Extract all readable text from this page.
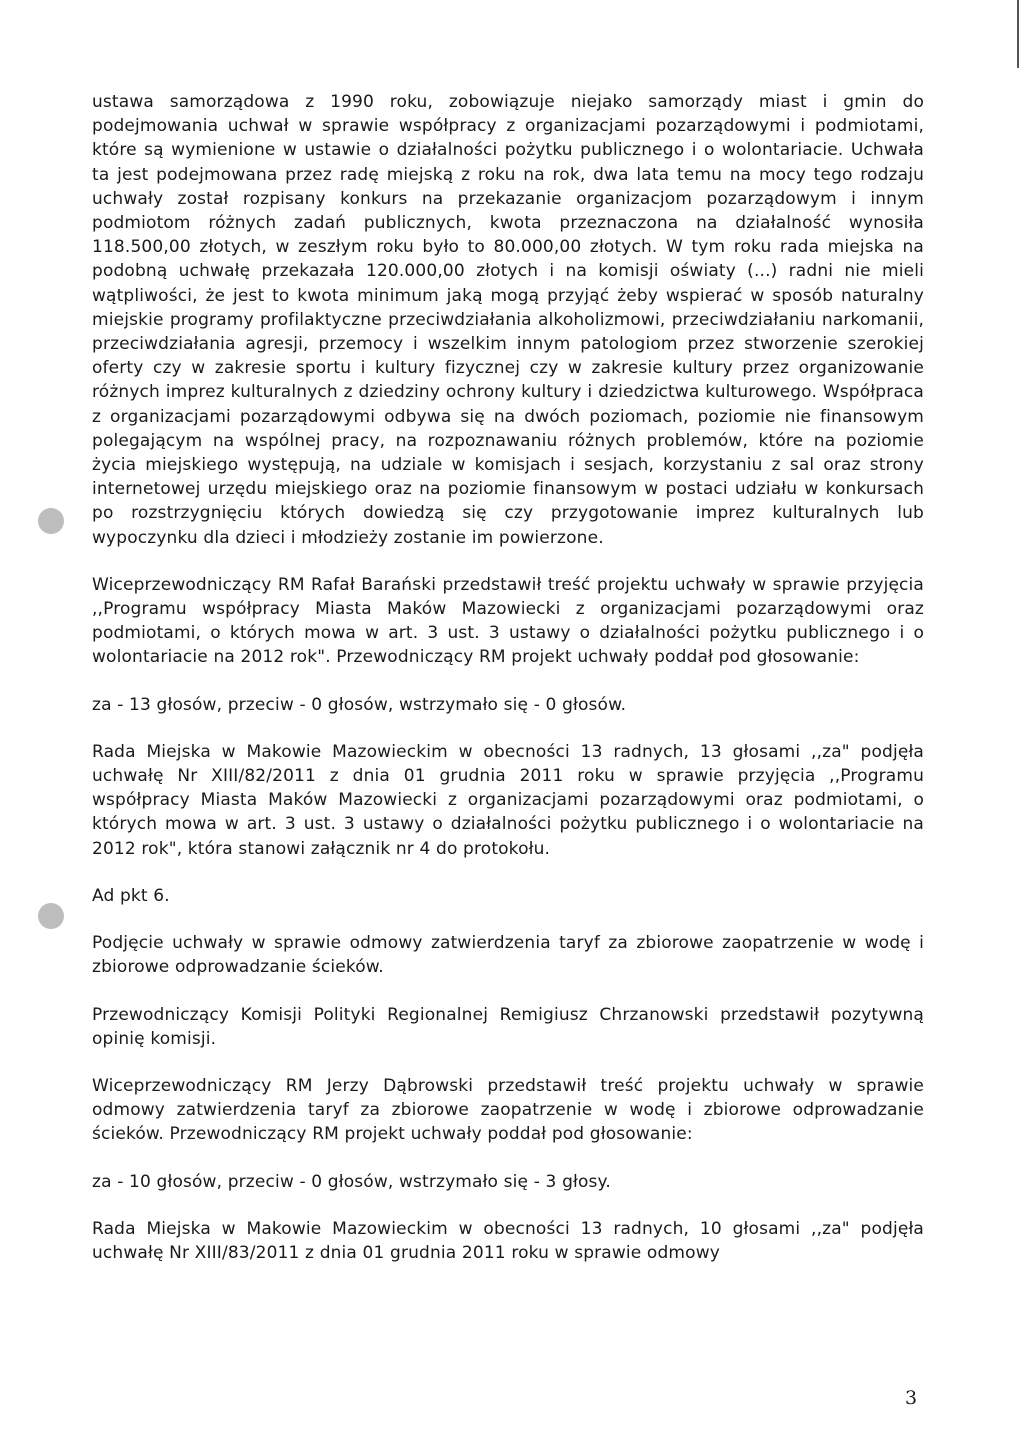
ustawa samorządowa z 1990 roku, zobowiązuje niejako samorządy miast i gmin do podejmowania uchwał w sprawie współpracy z organizacjami pozarządowymi i podmiotami, które są wymienione w ustawie o działalności pożytku publicznego i o wolontariacie. Uchwała ta jest podejmowana przez radę miejską z roku na rok, dwa lata temu na mocy tego rodzaju uchwały został rozpisany konkurs na przekazanie organizacjom pozarządowym i innym podmiotom różnych zadań publicznych, kwota przeznaczona na działalność wynosiła 118.500,00 złotych, w zeszłym roku było to 80.000,00 złotych. W tym roku rada miejska na podobną uchwałę przekazała 120.000,00 złotych i na komisji oświaty (...) radni nie mieli wątpliwości, że jest to kwota minimum jaką mogą przyjąć żeby wspierać w sposób naturalny miejskie programy profilaktyczne przeciwdziałania alkoholizmowi, przeciwdziałaniu narkomanii, przeciwdziałania agresji, przemocy i wszelkim innym patologiom przez stworzenie szerokiej oferty czy w zakresie sportu i kultury fizycznej czy w zakresie kultury przez organizowanie różnych imprez kulturalnych z dziedziny ochrony kultury i dziedzictwa kulturowego. Współpraca z organizacjami pozarządowymi odbywa się na dwóch poziomach, poziomie nie finansowym polegającym na wspólnej pracy, na rozpoznawaniu różnych problemów, które na poziomie życia miejskiego występują, na udziale w komisjach i sesjach, korzystaniu z sal oraz strony internetowej urzędu miejskiego oraz na poziomie finansowym w postaci udziału w konkursach po rozstrzygnięciu których dowiedzą się czy przygotowanie imprez kulturalnych lub wypoczynku dla dzieci i młodzieży zostanie im powierzone.

Wiceprzewodniczący RM Rafał Barański przedstawił treść projektu uchwały w sprawie przyjęcia ,,Programu współpracy Miasta Maków Mazowiecki z organizacjami pozarządowymi oraz podmiotami, o których mowa w art. 3 ust. 3 ustawy o działalności pożytku publicznego i o wolontariacie na 2012 rok". Przewodniczący RM projekt uchwały poddał pod głosowanie:

za - 13 głosów, przeciw - 0 głosów, wstrzymało się - 0 głosów.

Rada Miejska w Makowie Mazowieckim w obecności 13 radnych, 13 głosami ,,za" podjęła uchwałę Nr XIII/82/2011 z dnia 01 grudnia 2011 roku w sprawie przyjęcia ,,Programu współpracy Miasta Maków Mazowiecki z organizacjami pozarządowymi oraz podmiotami, o których mowa w art. 3 ust. 3 ustawy o działalności pożytku publicznego i o wolontariacie na 2012 rok", która stanowi załącznik nr 4 do protokołu.

Ad pkt 6.

Podjęcie uchwały w sprawie odmowy zatwierdzenia taryf za zbiorowe zaopatrzenie w wodę i zbiorowe odprowadzanie ścieków.

Przewodniczący Komisji Polityki Regionalnej Remigiusz Chrzanowski przedstawił pozytywną opinię komisji.

Wiceprzewodniczący RM Jerzy Dąbrowski przedstawił treść projektu uchwały w sprawie odmowy zatwierdzenia taryf za zbiorowe zaopatrzenie w wodę i zbiorowe odprowadzanie ścieków. Przewodniczący RM projekt uchwały poddał pod głosowanie:

za - 10 głosów, przeciw - 0 głosów, wstrzymało się - 3 głosy.

Rada Miejska w Makowie Mazowieckim w obecności 13 radnych, 10 głosami ,,za" podjęła uchwałę Nr XIII/83/2011 z dnia 01 grudnia 2011 roku w sprawie odmowy

3
